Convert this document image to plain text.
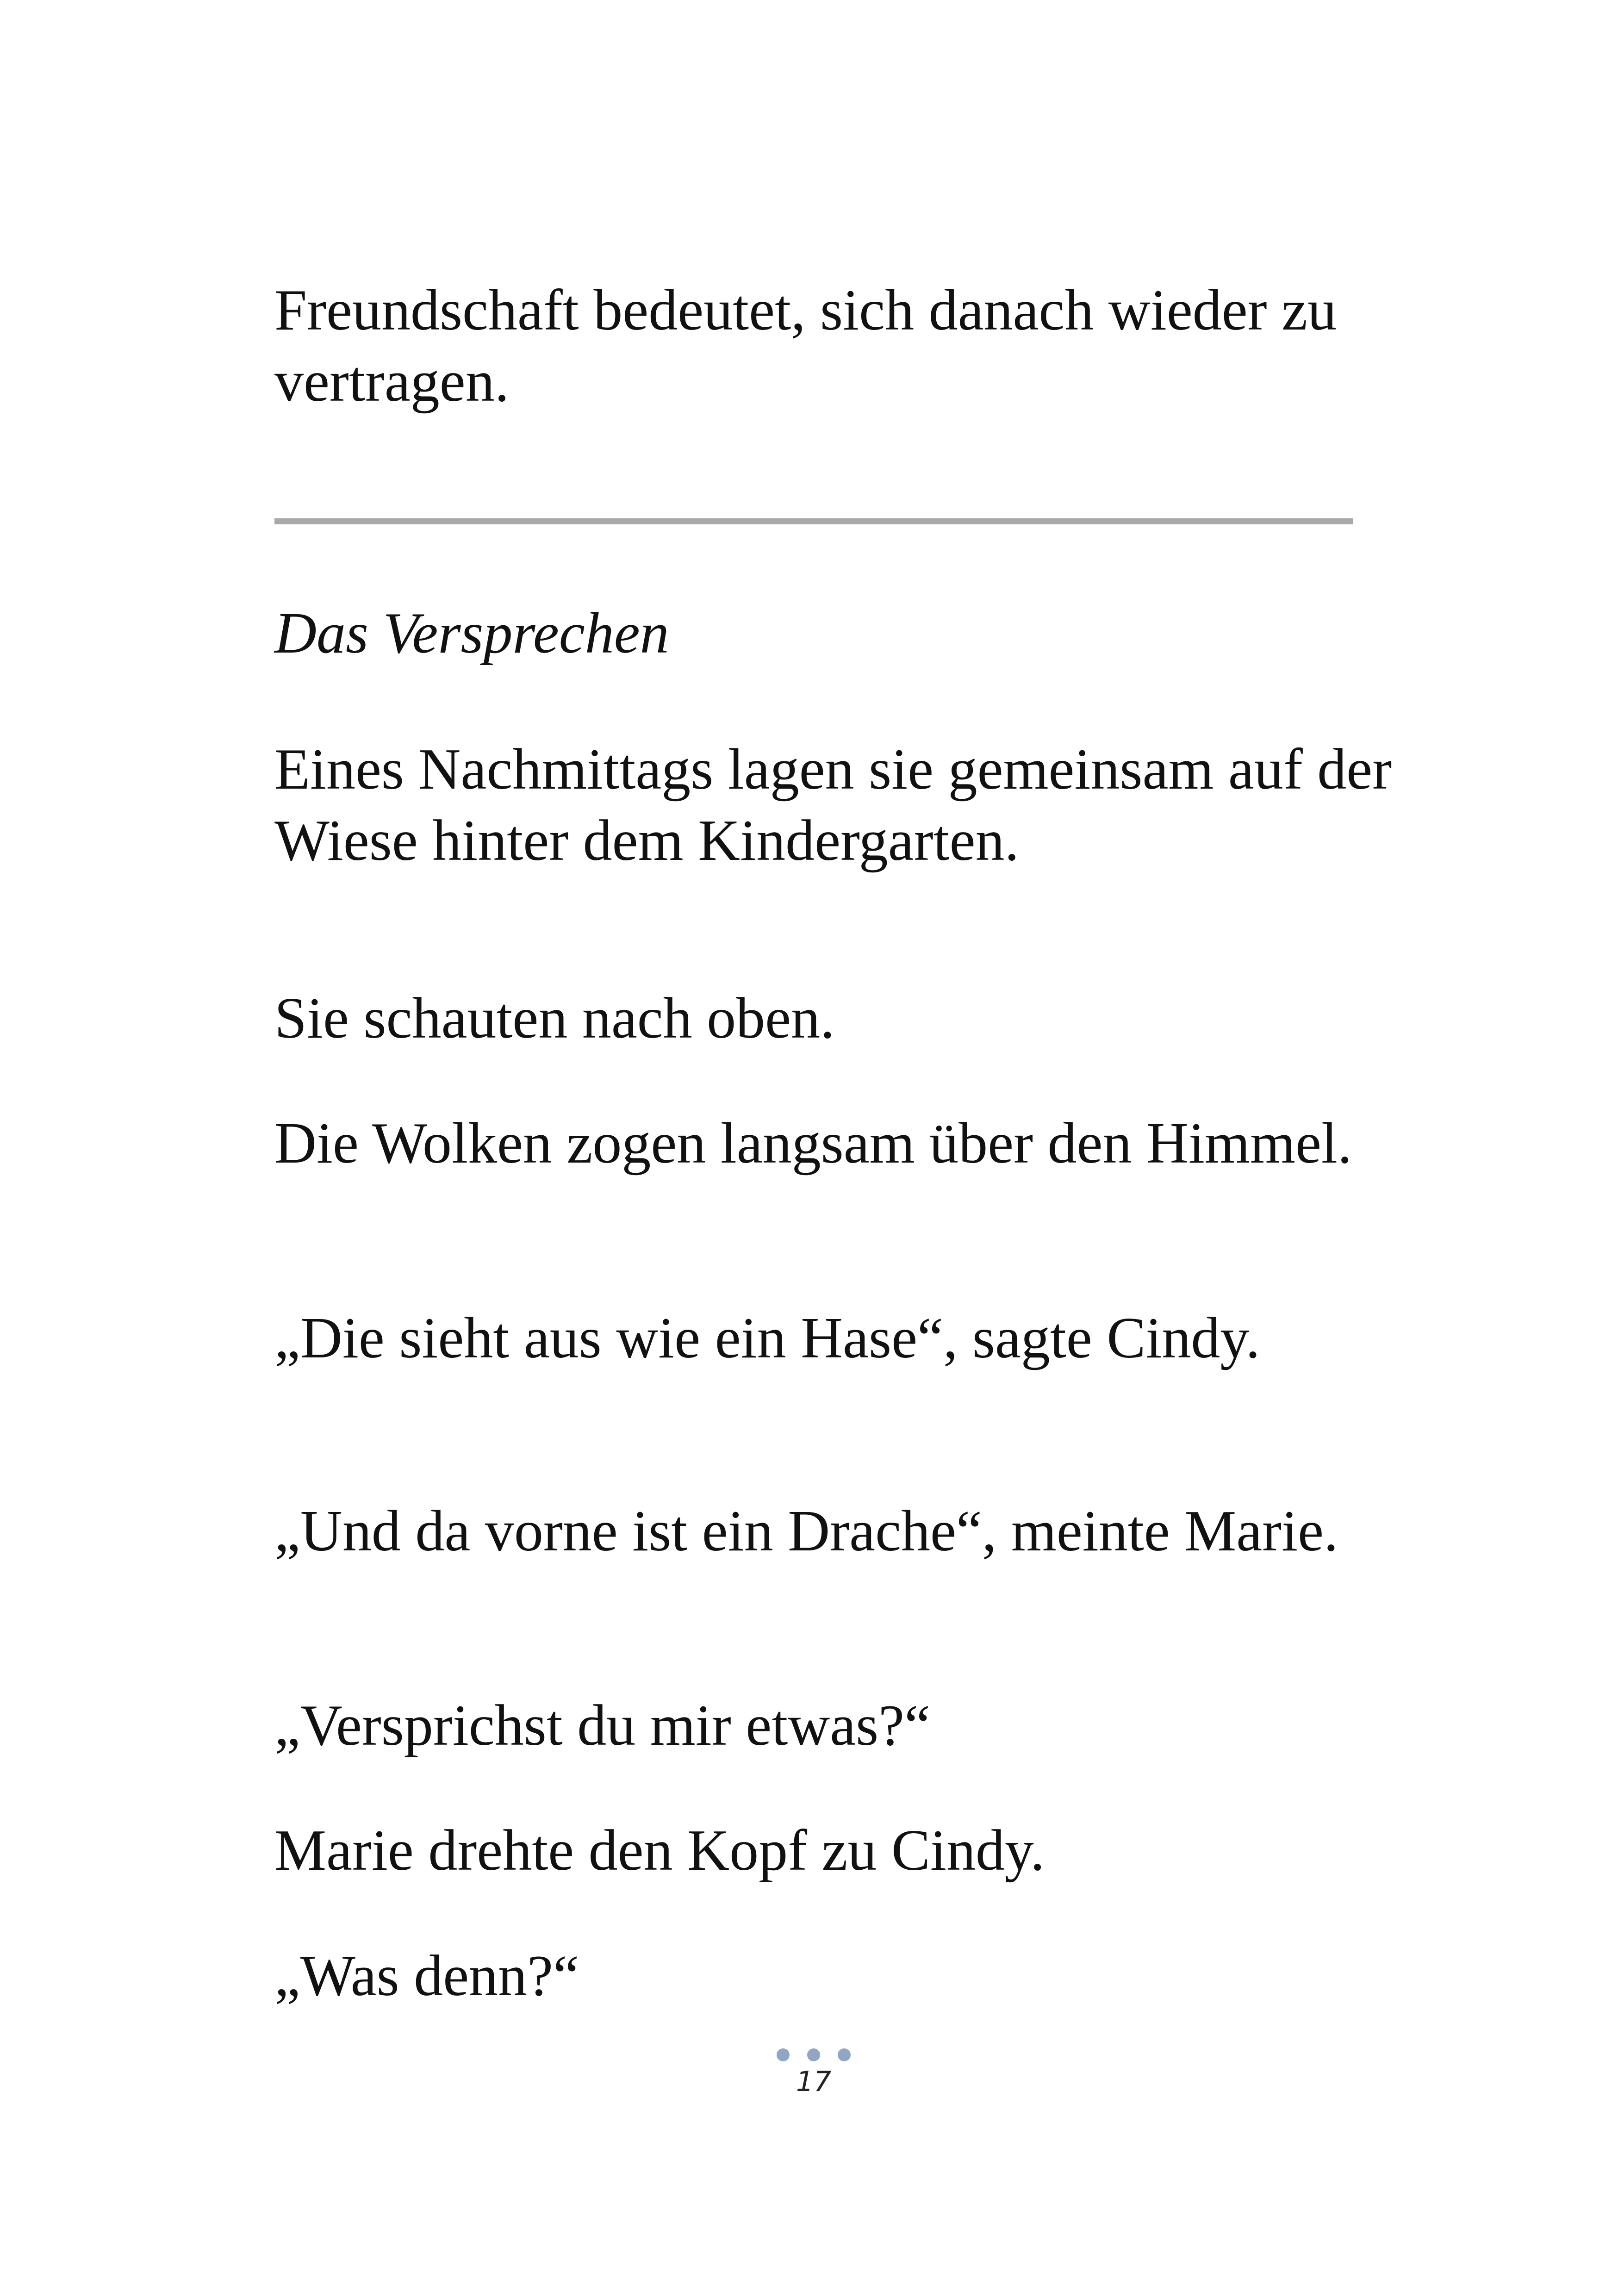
Freundschaft bedeutet, sich danach wieder zu vertragen.

Das Versprechen

Eines Nachmittags lagen sie gemeinsam auf der Wiese hinter dem Kindergarten.

Sie schauten nach oben.

Die Wolken zogen langsam über den Himmel.

„Die sieht aus wie ein Hase“, sagte Cindy.

„Und da vorne ist ein Drache“, meinte Marie.

„Versprichst du mir etwas?“

Marie drehte den Kopf zu Cindy.

„Was denn?“

17
